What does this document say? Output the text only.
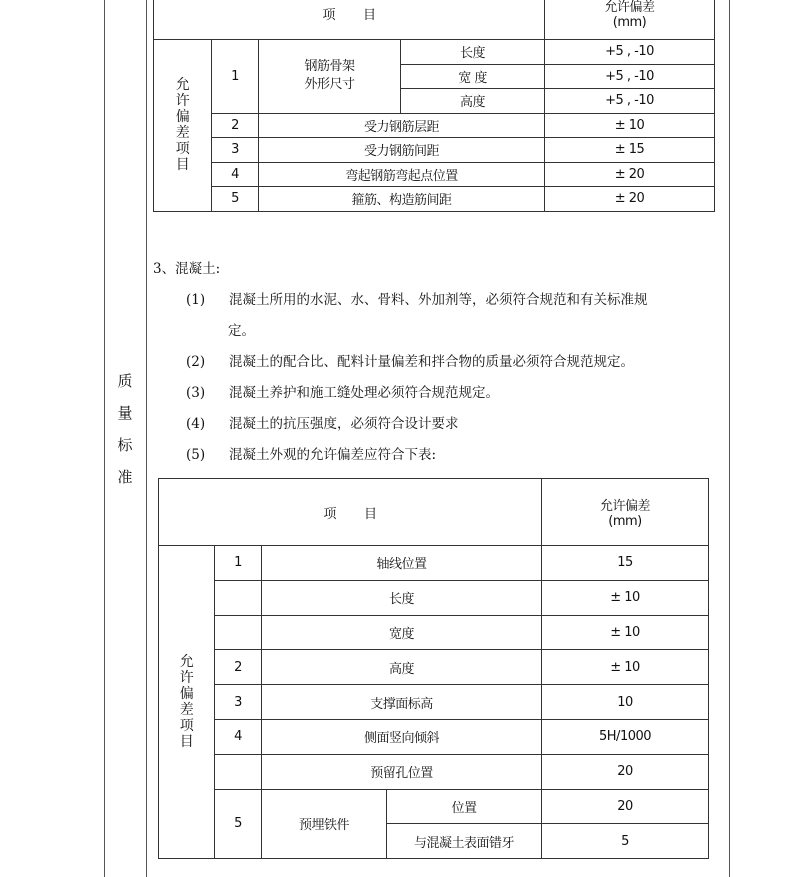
质
量
标
准
项 目				允许偏差
(mm)
允许偏差项目	1	钢筋骨架外形尺寸	长度	+5 , -10
			宽 度	+5 , -10
			高度	+5 , -10
	2	受力钢筋层距		± 10
	3	受力钢筋间距		± 15
	4	弯起钢筋弯起点位置		± 20
	5	箍筋、构造筋间距		± 20
3、混凝土:
(1) 混凝土所用的水泥、水、骨料、外加剂等，必须符合规范和有关标准规
定。
(2) 混凝土的配合比、配料计量偏差和拌合物的质量必须符合规范规定。
(3) 混凝土养护和施工缝处理必须符合规范规定。
(4) 混凝土的抗压强度，必须符合设计要求
(5) 混凝土外观的允许偏差应符合下表:
项 目				允许偏差
(mm)
允许偏差项目	1	轴线位置		15
		长度		± 10
		宽度		± 10
	2	高度		± 10
	3	支撑面标高		10
	4	侧面竖向倾斜		5H/1000
		预留孔位置		20
	5	预埋铁件	位置	20
			与混凝土表面错牙	5
